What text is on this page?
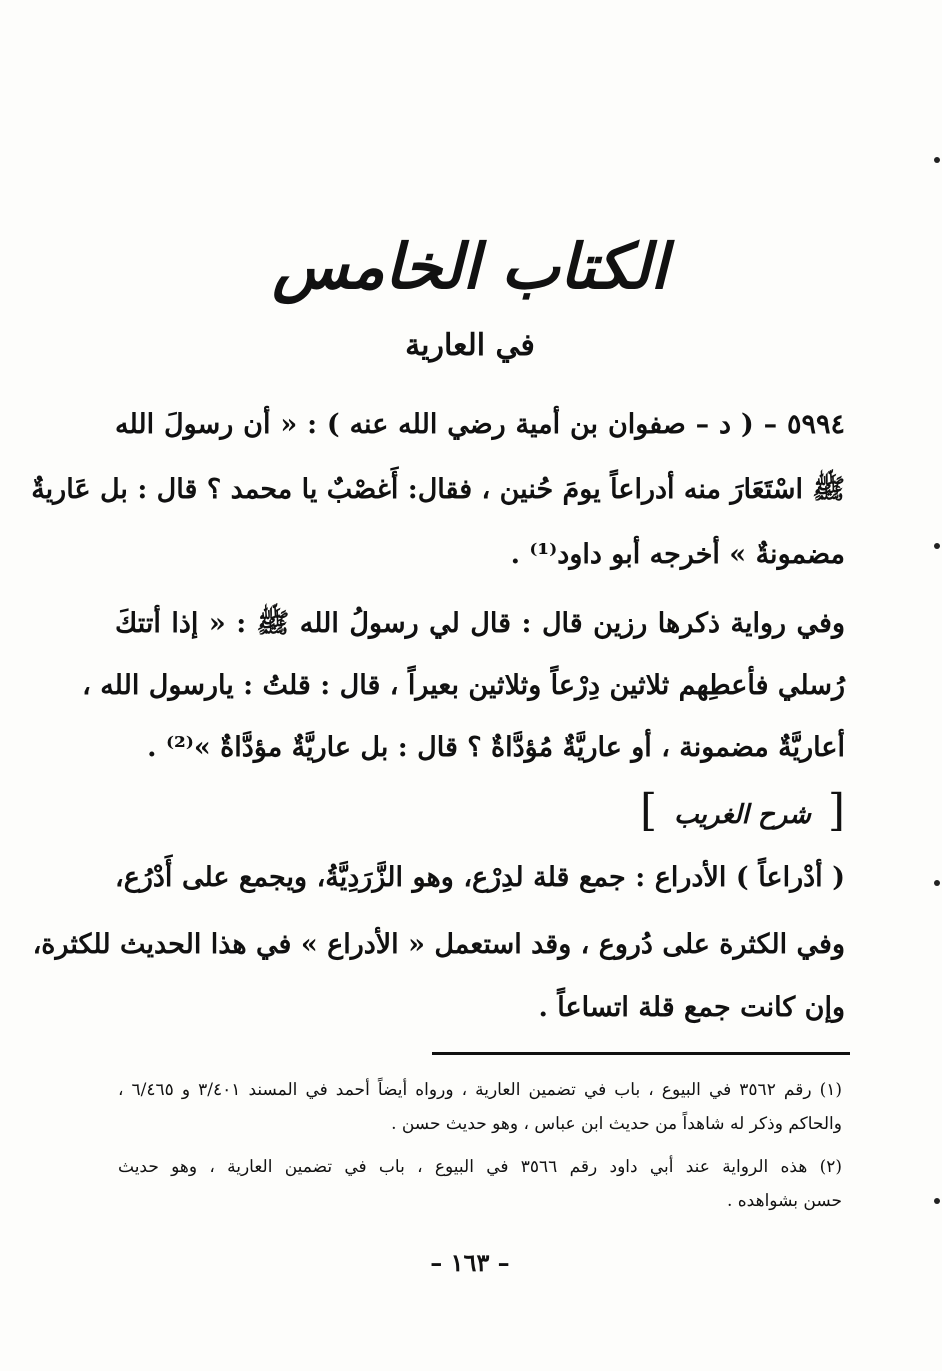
الكتاب الخامس
في العارية
٥٩٩٤ – ( د – صفوان بن أمية رضي الله عنه ) : « أن رسولَ الله
ﷺ اسْتَعَارَ منه أدراعاً يومَ حُنين ، فقال: أَغصْبٌ يا محمد ؟ قال : بل عَاريةٌ
مضمونةٌ » أخرجه أبو داود⁽¹⁾ .
وفي رواية ذكرها رزين قال : قال لي رسولُ الله ﷺ : « إذا أتتكَ
رُسلي فأعطِهم ثلاثين دِرْعاً وثلاثين بعيراً ، قال : قلتُ : يارسول الله ،
أعاريَّةٌ مضمونة ، أو عاريَّةٌ مُؤدَّاةٌ ؟ قال : بل عاريَّةٌ مؤدَّاةٌ »⁽²⁾ .
[
شرح الغريب
]
( أدْراعاً ) الأدراع : جمع قلة لدِرْع، وهو الزَّرَدِيَّةُ، ويجمع على أَدْرُع،
وفي الكثرة على دُروع ، وقد استعمل « الأدراع » في هذا الحديث للكثرة،
وإن كانت جمع قلة اتساعاً .
(١) رقم ٣٥٦٢ في البيوع ، باب في تضمين العارية ، ورواه أيضاً أحمد في المسند ٣/٤٠١ و ٦/٤٦٥ ،
والحاكم وذكر له شاهداً من حديث ابن عباس ، وهو حديث حسن .
(٢) هذه الرواية عند أبي داود رقم ٣٥٦٦ في البيوع ، باب في تضمين العارية ، وهو حديث
حسن بشواهده .
– ١٦٣ –
